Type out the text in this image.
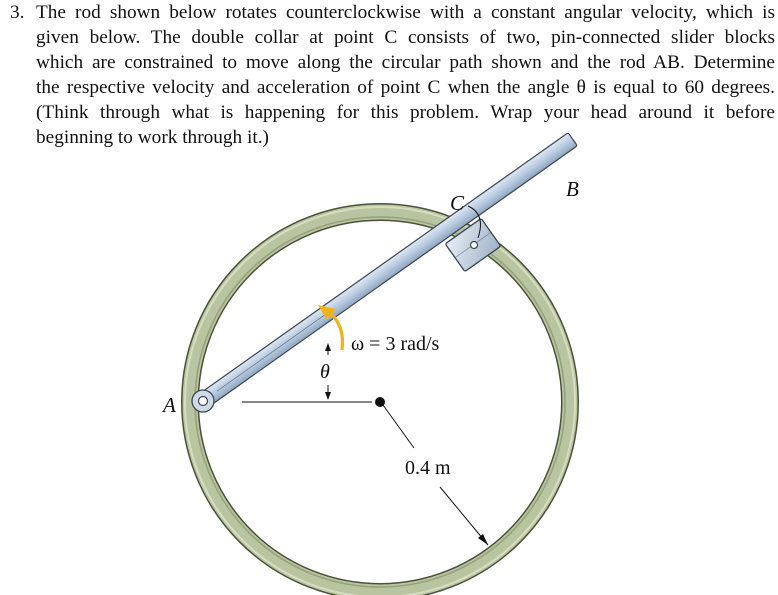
3. The rod shown below rotates counterclockwise with a constant angular velocity, which is
given below. The double collar at point C consists of two, pin-connected slider blocks
which are constrained to move along the circular path shown and the rod AB. Determine
the respective velocity and acceleration of point C when the angle θ is equal to 60 degrees.
(Think through what is happening for this problem. Wrap your head around it before
beginning to work through it.)
A
B
C
ω = 3 rad/s
θ
0.4 m
